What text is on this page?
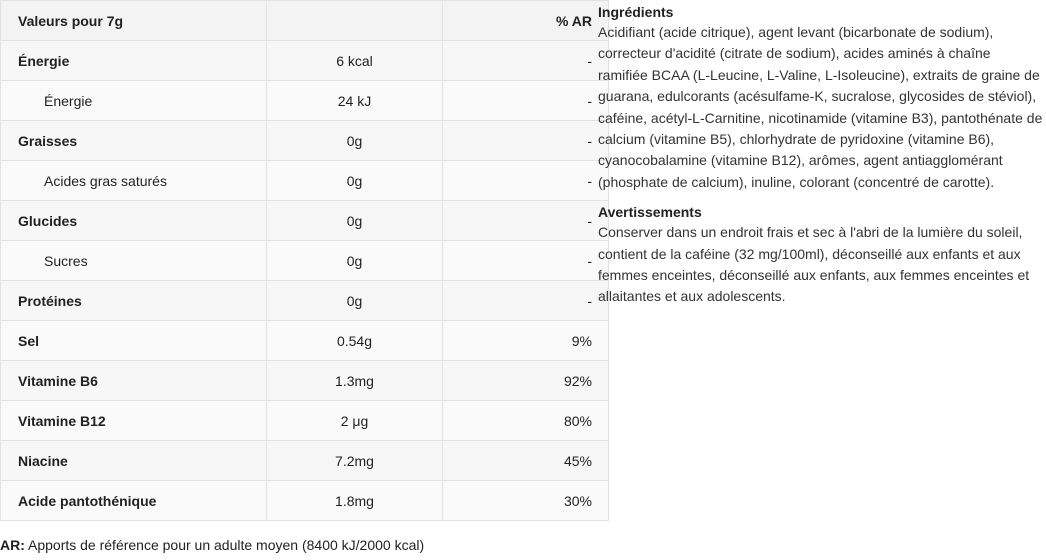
Valeurs pour 7g		% AR
Énergie	6 kcal	-
Énergie	24 kJ	-
Graisses	0g	-
Acides gras saturés	0g	-
Glucides	0g	-
Sucres	0g	-
Protéines	0g	-
Sel	0.54g	9%
Vitamine B6	1.3mg	92%
Vitamine B12	2 μg	80%
Niacine	7.2mg	45%
Acide pantothénique	1.8mg	30%
AR: Apports de référence pour un adulte moyen (8400 kJ/2000 kcal)
Ingrédients

Acidifiant (acide citrique), agent levant (bicarbonate de sodium), correcteur d'acidité (citrate de sodium), acides aminés à chaîne ramifiée BCAA (L-Leucine, L-Valine, L-Isoleucine), extraits de graine de guarana, edulcorants (acésulfame-K, sucralose, glycosides de stéviol), caféine, acétyl-L-Carnitine, nicotinamide (vitamine B3), pantothénate de calcium (vitamine B5), chlorhydrate de pyridoxine (vitamine B6), cyanocobalamine (vitamine B12), arômes, agent antiagglomérant (phosphate de calcium), inuline, colorant (concentré de carotte).

Avertissements

Conserver dans un endroit frais et sec à l'abri de la lumière du soleil, contient de la caféine (32 mg/100ml), déconseillé aux enfants et aux femmes enceintes, déconseillé aux enfants, aux femmes enceintes et allaitantes et aux adolescents.
